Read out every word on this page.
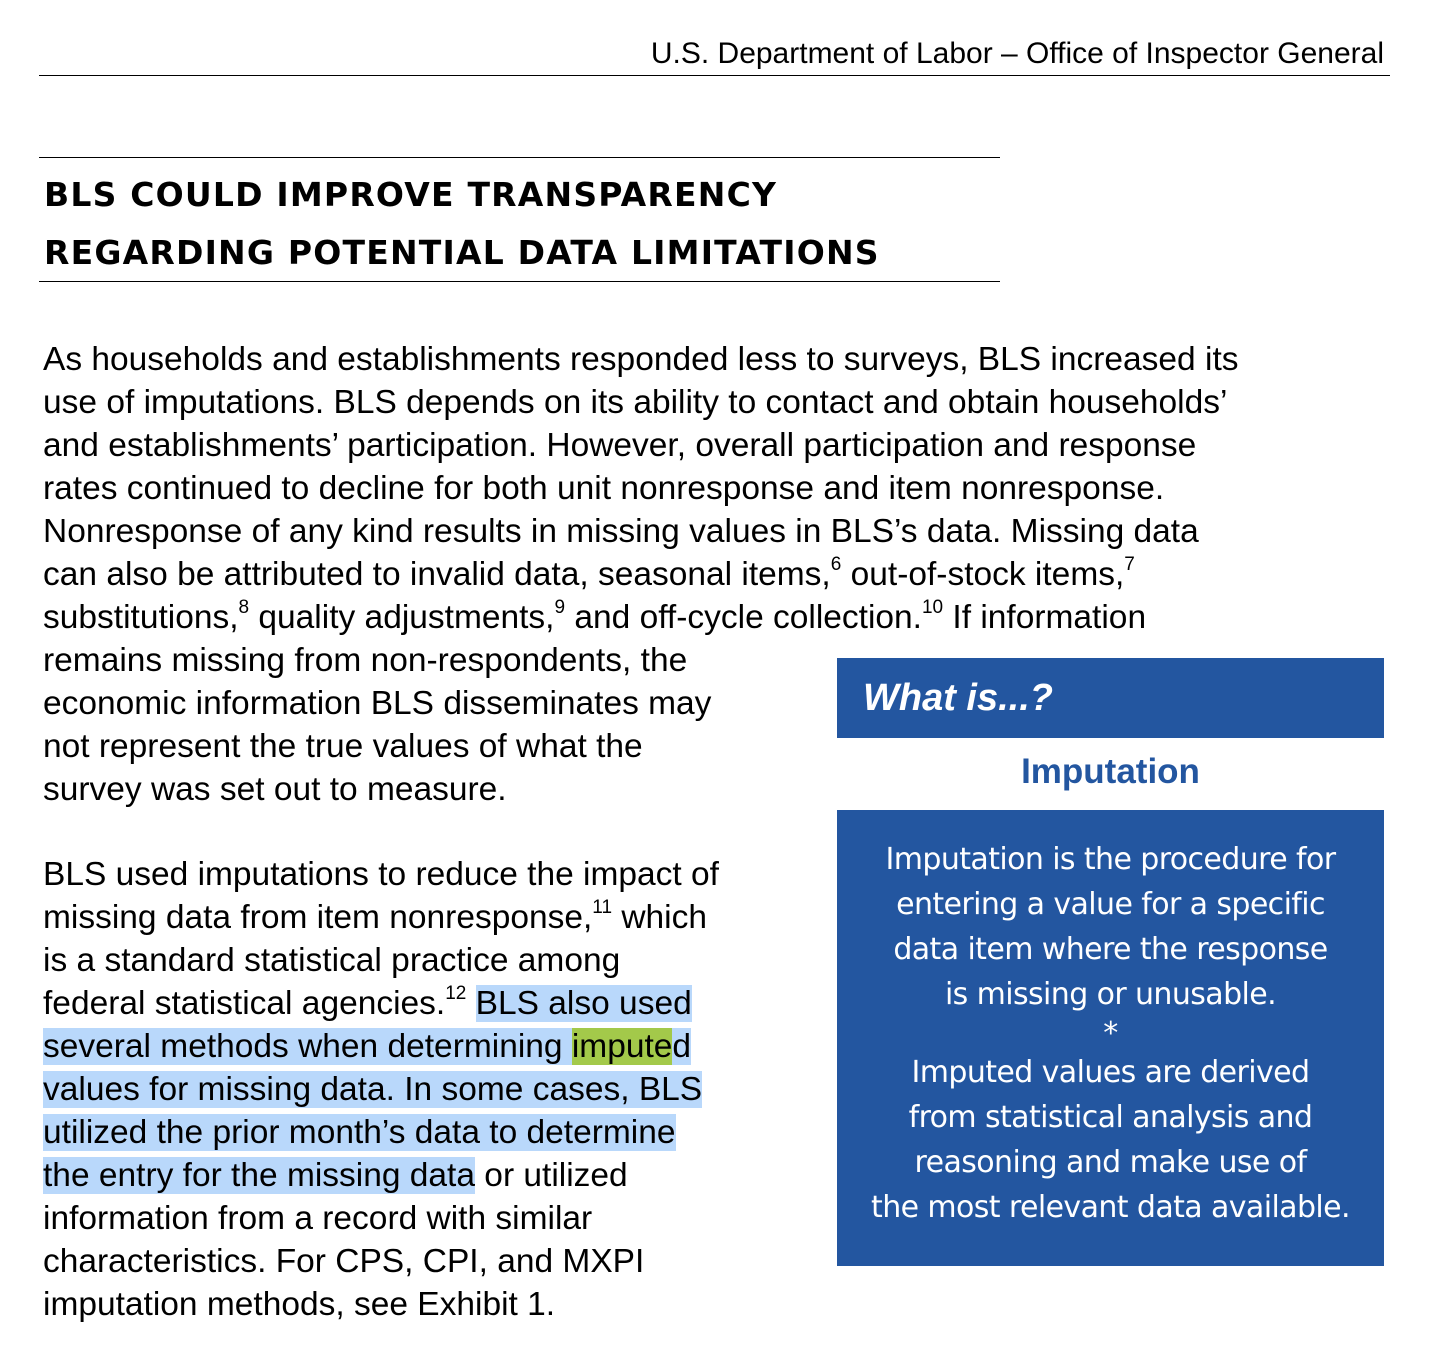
U.S. Department of Labor – Office of Inspector General
BLS COULD IMPROVE TRANSPARENCY
REGARDING POTENTIAL DATA LIMITATIONS
As households and establishments responded less to surveys, BLS increased its
use of imputations. BLS depends on its ability to contact and obtain households’
and establishments’ participation. However, overall participation and response
rates continued to decline for both unit nonresponse and item nonresponse.
Nonresponse of any kind results in missing values in BLS’s data. Missing data
can also be attributed to invalid data, seasonal items,$^6$ out-of-stock items,$^7$
substitutions,$^8$ quality adjustments,$^9$ and off-cycle collection.$^{10}$ If information
remains missing from non-respondents, the
economic information BLS disseminates may
not represent the true values of what the
survey was set out to measure.
BLS used imputations to reduce the impact of
missing data from item nonresponse,$^{11}$ which
is a standard statistical practice among
federal statistical agencies.$^{12}$ BLS also used
several methods when determining imputed
values for missing data. In some cases, BLS
utilized the prior month’s data to determine
the entry for the missing data or utilized
information from a record with similar
characteristics. For CPS, CPI, and MXPI
imputation methods, see Exhibit 1.
What is...?
Imputation
Imputation is the procedure for
entering a value for a specific
data item where the response
is missing or unusable.
*
Imputed values are derived
from statistical analysis and
reasoning and make use of
the most relevant data available.
